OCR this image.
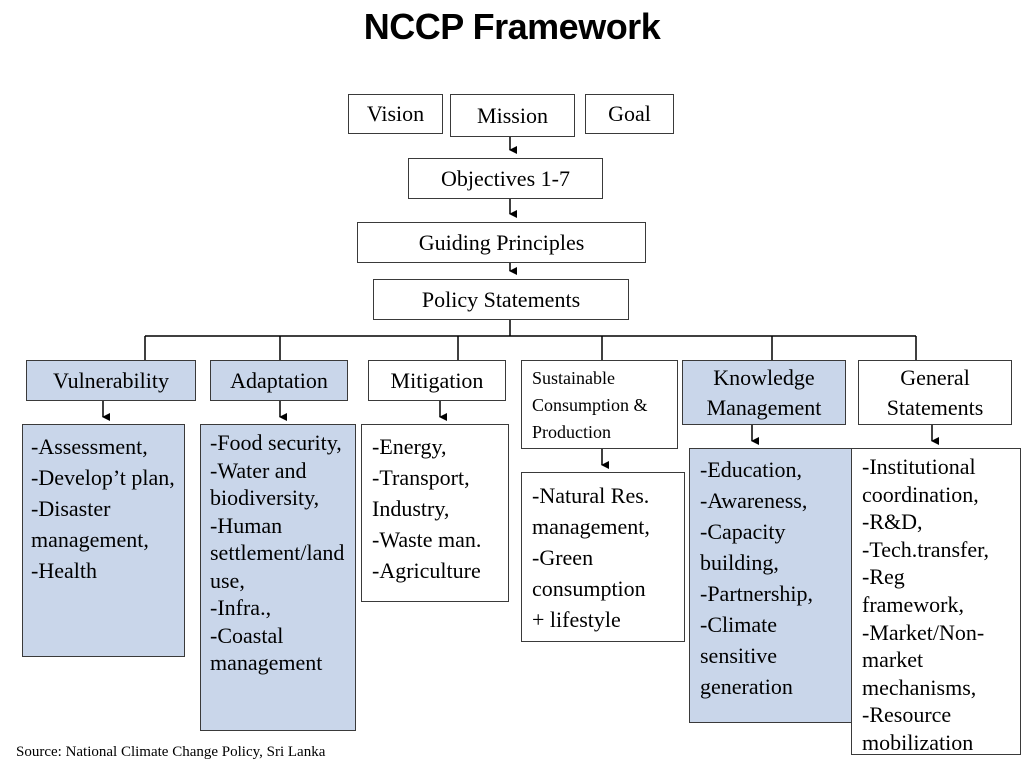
NCCP Framework
Vision	Mission	Goal
Objectives 1-7
Guiding Principles
Policy Statements
Vulnerability	Adaptation	Mitigation	Sustainable Consumption & Production
Knowledge Management
General Statements
-Assessment,
-Develop’t plan,
-Disaster management,
-Health
-Food security,
-Water and biodiversity,
-Human settlement/land use,
-Infra.,
-Coastal management
-Energy,
-Transport, Industry,
-Waste man.
-Agriculture
-Natural Res. management,
-Green consumption
+ lifestyle
-Education,
-Awareness,
-Capacity building,
-Partnership,
-Climate sensitive generation
-Institutional coordination,
-R&D,
-Tech.transfer,
-Reg framework,
-Market/Non-market mechanisms,
-Resource mobilization
Source: National Climate Change Policy, Sri Lanka
